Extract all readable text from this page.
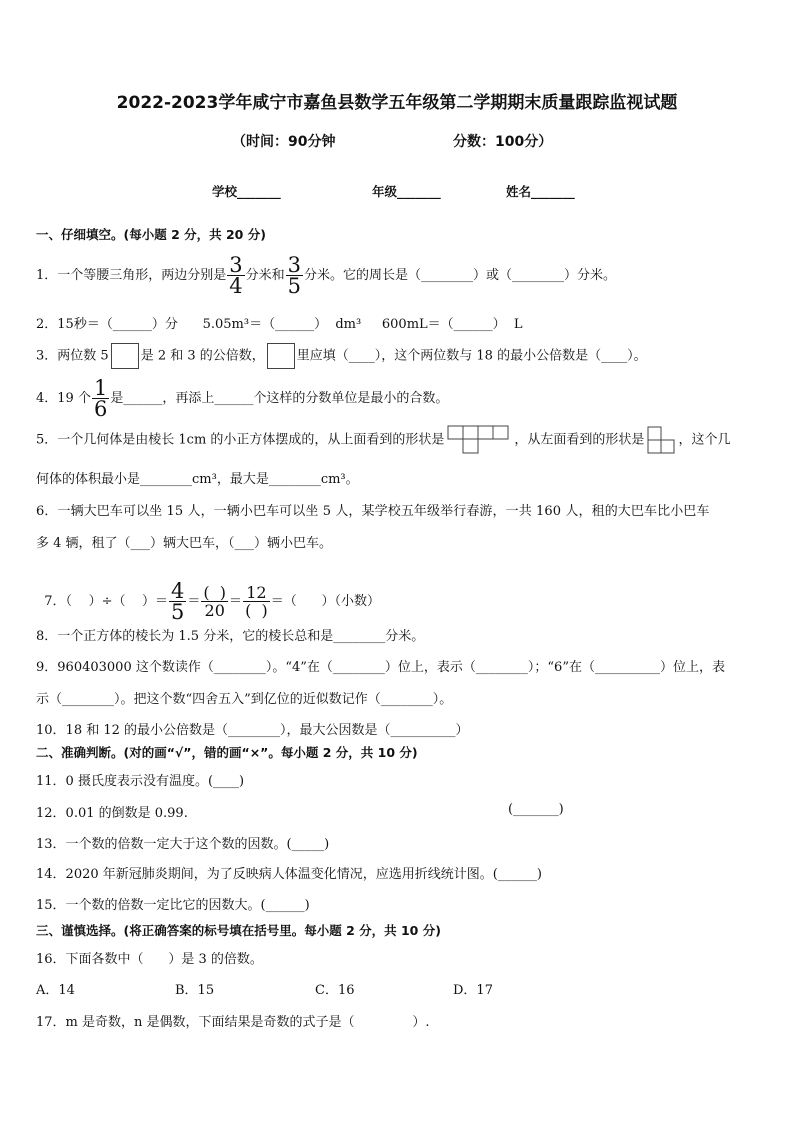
2022-2023学年咸宁市嘉鱼县数学五年级第二学期期末质量跟踪监视试题
（时间：90分钟	分数：100分）
学校_______	年级_______	姓名_______
一、仔细填空。(每小题 2 分，共 20 分)
1．一个等腰三角形，两边分别是 $\frac{3}{4}$ 分米和 $\frac{3}{5}$ 分米。它的周长是（________）或（________）分米。
2．15秒＝（______）分      5.05m³＝（______）  dm³     600mL＝（______）  L
3．两位数 5 是 2 和 3 的公倍数， 里应填（____），这个两位数与 18 的最小公倍数是（____）。
4．19 个 $\frac{1}{6}$ 是______，再添上______个这样的分数单位是最小的合数。
5．一个几何体是由棱长 1cm 的小正方体摆成的，从上面看到的形状是	，从左面看到的形状是	，这个几
何体的体积最小是________cm³，最大是________cm³。
6．一辆大巴车可以坐 15 人，一辆小巴车可以坐 5 人，某学校五年级举行春游，一共 160 人，租的大巴车比小巴车
多 4 辆，租了（___）辆大巴车，（___）辆小巴车。

7．（    ）÷（    ）＝ $\frac{4}{5} = \frac{( )}{20} = \frac{12}{( )}$ ＝（      ）（小数）

8．一个正方体的棱长为 1.5 分米，它的棱长总和是________分米。
9．960403000 这个数读作（________）。“4”在（________）位上，表示（________）；“6”在（__________）位上，表
示（________）。把这个数“四舍五入”到亿位的近似数记作（________）。
10．18 和 12 的最小公倍数是（________），最大公因数是（__________）
二、准确判断。(对的画“√”，错的画“×”。每小题 2 分，共 10 分)
11．0 摄氏度表示没有温度。(____)
12．0.01 的倒数是 0.99.	(_______)
13．一个数的倍数一定大于这个数的因数。(_____)
14．2020 年新冠肺炎期间，为了反映病人体温变化情况，应选用折线统计图。(______)
15．一个数的倍数一定比它的因数大。(______)
三、谨慎选择。(将正确答案的标号填在括号里。每小题 2 分，共 10 分)
16．下面各数中（      ）是 3 的倍数。
A．14	B．15	C．16	D．17
17．m 是奇数，n 是偶数，下面结果是奇数的式子是（              ）.
